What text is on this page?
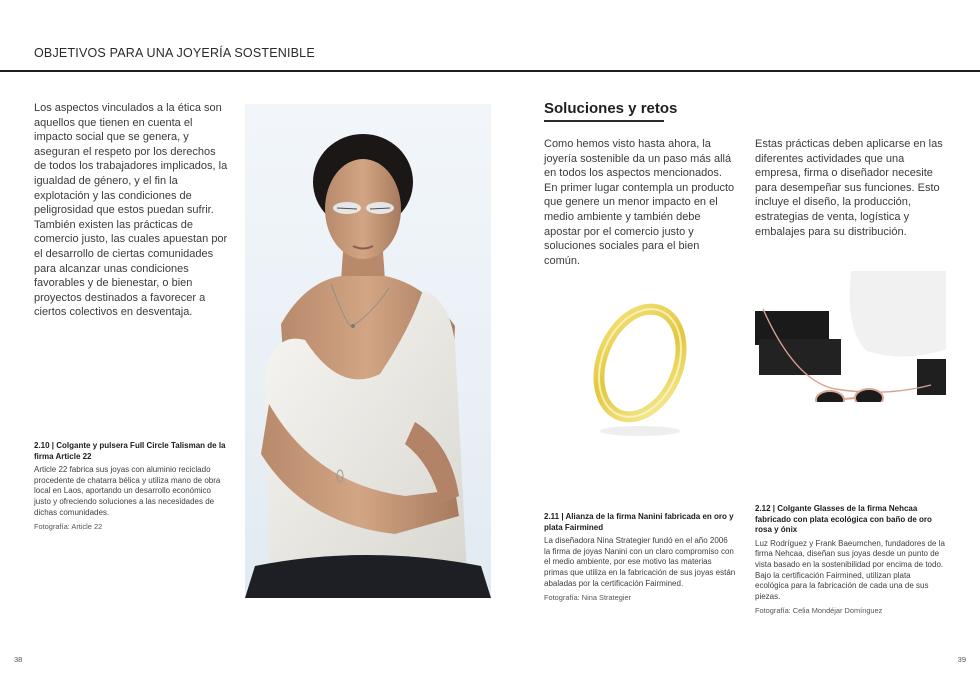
OBJETIVOS PARA UNA JOYERÍA SOSTENIBLE
Los aspectos vinculados a la ética son aquellos que tienen en cuenta el impacto social que se genera, y aseguran el respeto por los derechos de todos los trabajadores implicados, la igualdad de género, y el fin la explotación y las condiciones de peligrosidad que estos puedan sufrir. También existen las prácticas de comercio justo, las cuales apuestan por el desarrollo de ciertas comunidades para alcanzar unas condiciones favorables y de bienestar, o bien proyectos destinados a favorecer a ciertos colectivos en desventaja.
2.10 | Colgante y pulsera Full Circle Talisman de la firma Article 22
Article 22 fabrica sus joyas con aluminio reciclado procedente de chatarra bélica y utiliza mano de obra local en Laos, aportando un desarrollo económico justo y ofreciendo soluciones a las necesidades de dichas comunidades.
Fotografía: Article 22
38
Soluciones y retos
Como hemos visto hasta ahora, la joyería sostenible da un paso más allá en todos los aspectos mencionados. En primer lugar contempla un producto que genere un menor impacto en el medio ambiente y también debe apostar por el comercio justo y soluciones sociales para el bien común.
Estas prácticas deben aplicarse en las diferentes actividades que una empresa, firma o diseñador necesite para desempeñar sus funciones. Esto incluye el diseño, la producción, estrategias de venta, logística y embalajes para su distribución.
2.11 | Alianza de la firma Nanini fabricada en oro y plata Fairmined
La diseñadora Nina Strategier fundó en el año 2006 la firma de joyas Nanini con un claro compromiso con el medio ambiente, por ese motivo las materias primas que utiliza en la fabricación de sus joyas están abaladas por la certificación Fairmined.
Fotografía: Nina Strategier
2.12 | Colgante Glasses de la firma Nehcaa fabricado con plata ecológica con baño de oro rosa y ónix
Luz Rodríguez y Frank Baeumchen, fundadores de la firma Nehcaa, diseñan sus joyas desde un punto de vista basado en la sostenibilidad por encima de todo.
Bajo la certificación Fairmined, utilizan plata ecológica para la fabricación de cada una de sus piezas.
Fotografía: Celia Mondéjar Domínguez
39
